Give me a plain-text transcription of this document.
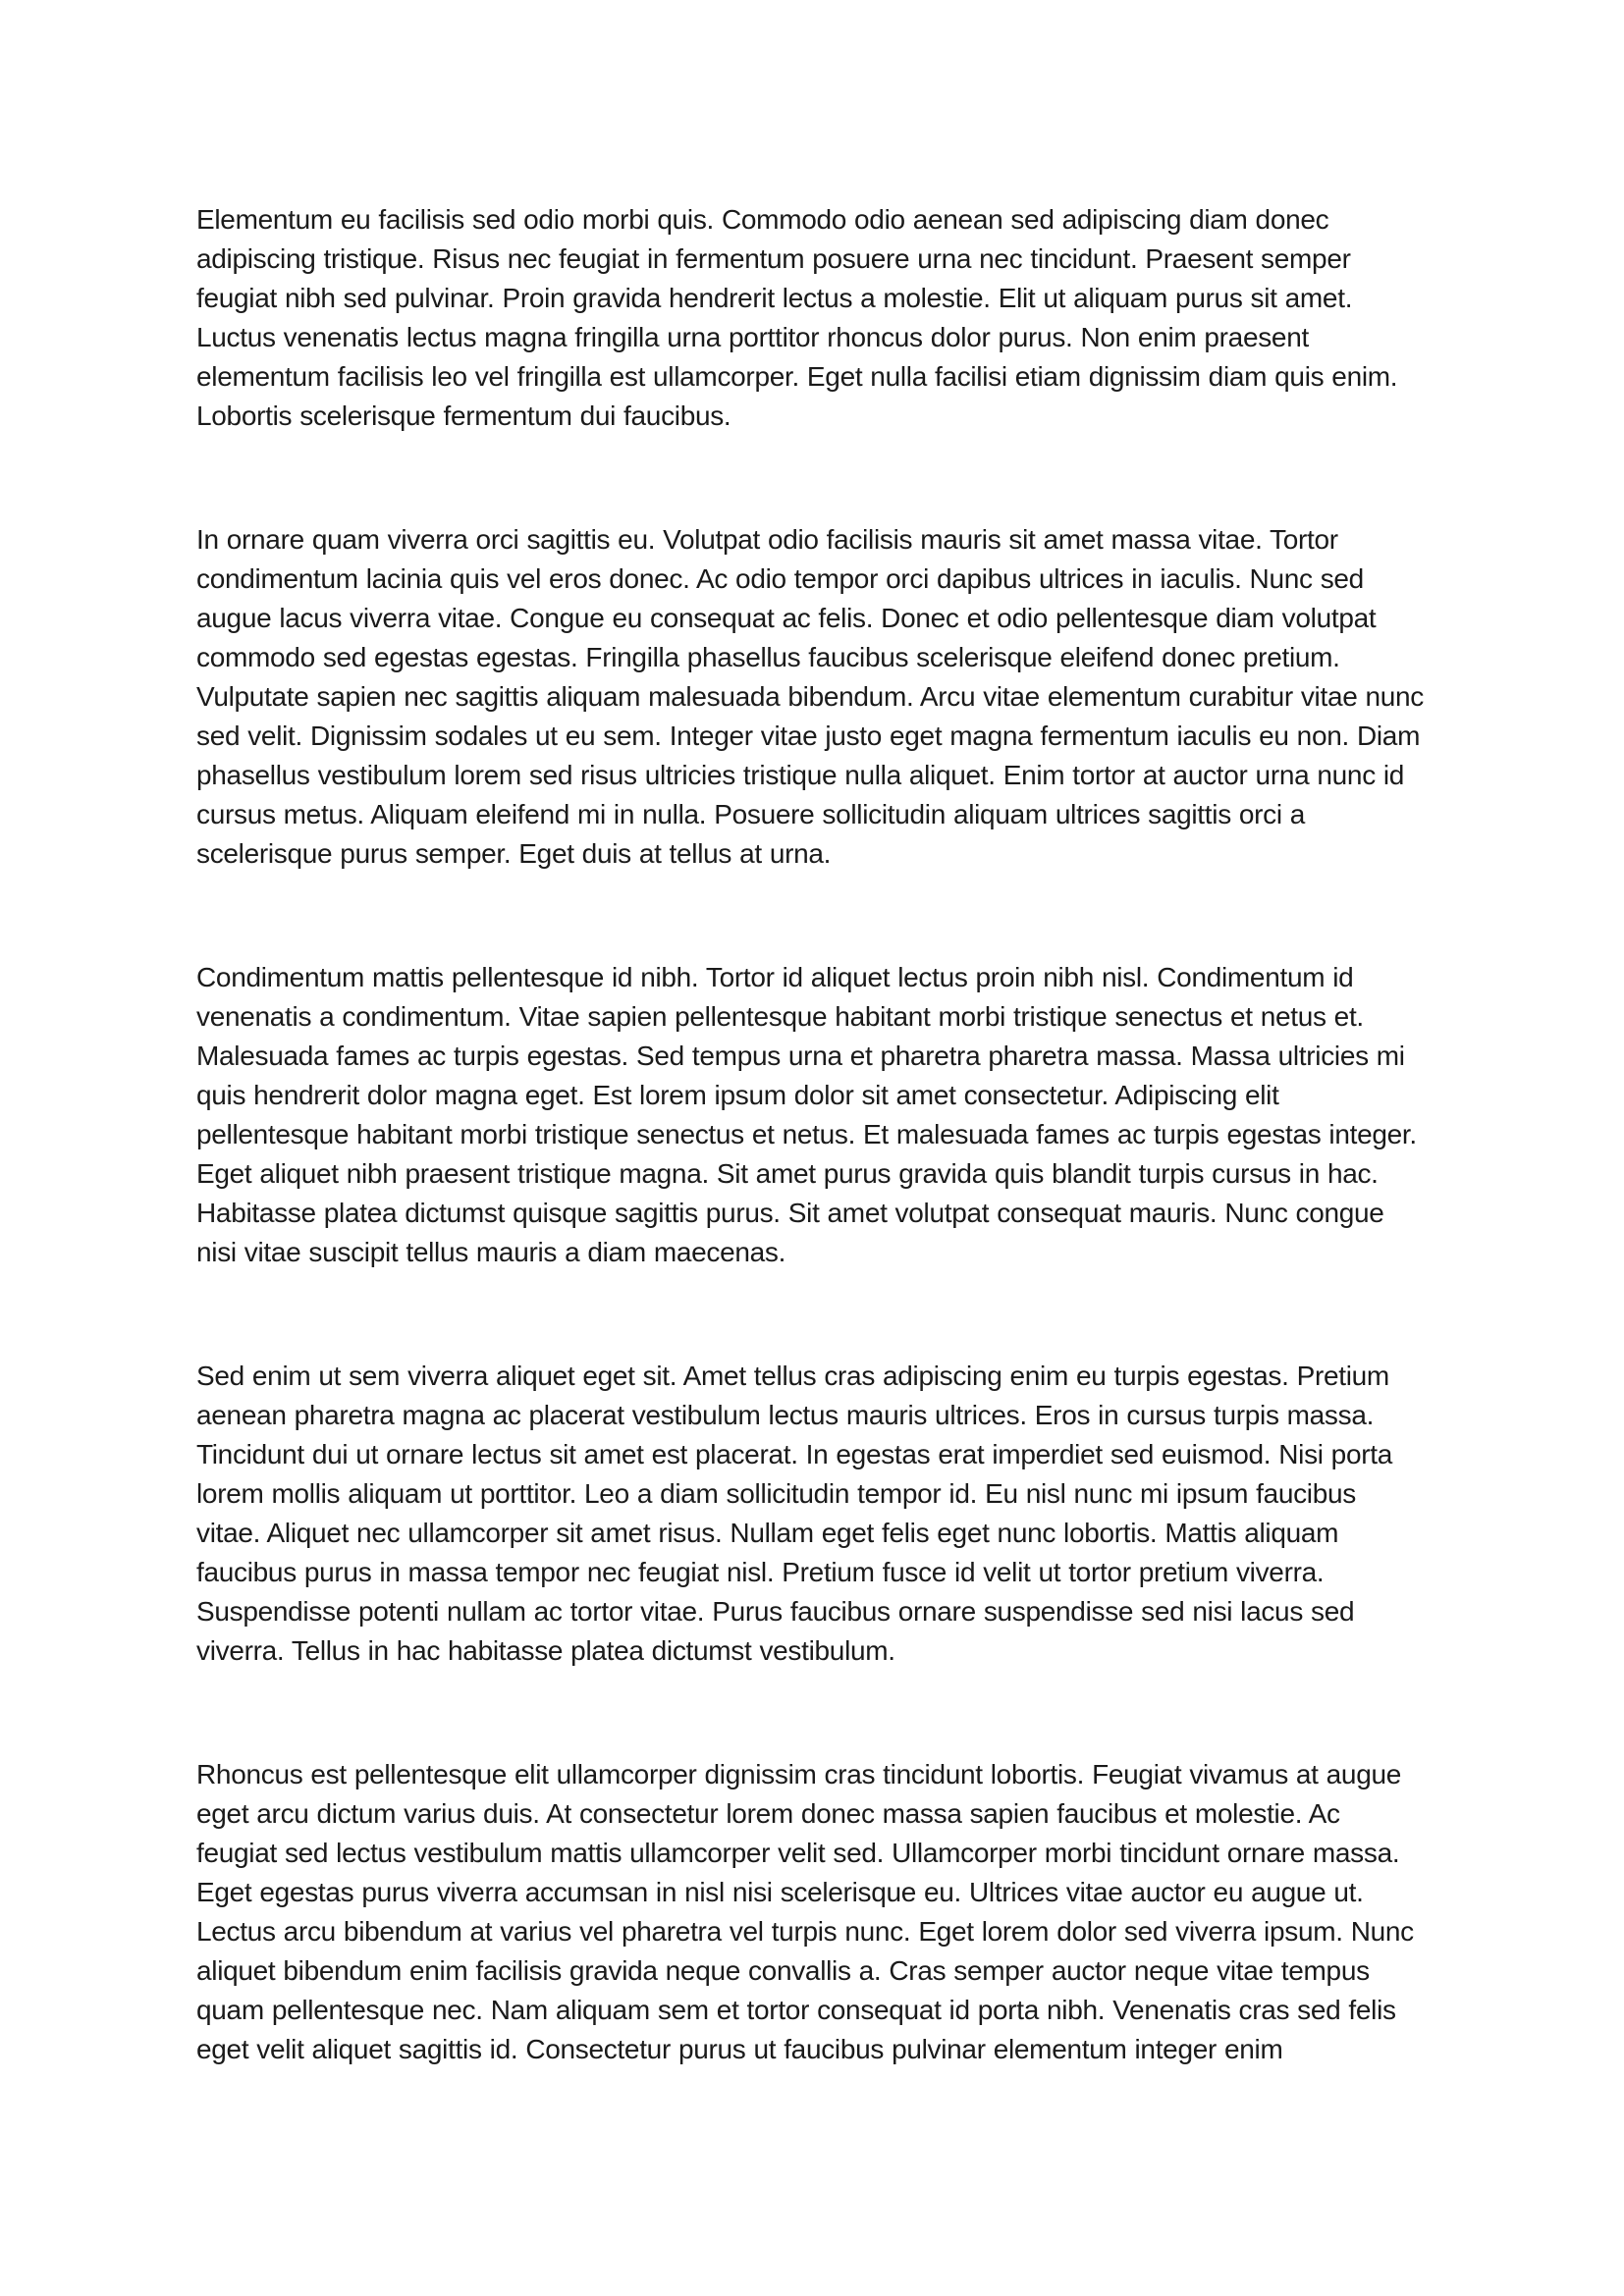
Elementum eu facilisis sed odio morbi quis. Commodo odio aenean sed adipiscing diam donec adipiscing tristique. Risus nec feugiat in fermentum posuere urna nec tincidunt. Praesent semper feugiat nibh sed pulvinar. Proin gravida hendrerit lectus a molestie. Elit ut aliquam purus sit amet. Luctus venenatis lectus magna fringilla urna porttitor rhoncus dolor purus. Non enim praesent elementum facilisis leo vel fringilla est ullamcorper. Eget nulla facilisi etiam dignissim diam quis enim. Lobortis scelerisque fermentum dui faucibus.

In ornare quam viverra orci sagittis eu. Volutpat odio facilisis mauris sit amet massa vitae. Tortor condimentum lacinia quis vel eros donec. Ac odio tempor orci dapibus ultrices in iaculis. Nunc sed augue lacus viverra vitae. Congue eu consequat ac felis. Donec et odio pellentesque diam volutpat commodo sed egestas egestas. Fringilla phasellus faucibus scelerisque eleifend donec pretium. Vulputate sapien nec sagittis aliquam malesuada bibendum. Arcu vitae elementum curabitur vitae nunc sed velit. Dignissim sodales ut eu sem. Integer vitae justo eget magna fermentum iaculis eu non. Diam phasellus vestibulum lorem sed risus ultricies tristique nulla aliquet. Enim tortor at auctor urna nunc id cursus metus. Aliquam eleifend mi in nulla. Posuere sollicitudin aliquam ultrices sagittis orci a scelerisque purus semper. Eget duis at tellus at urna.

Condimentum mattis pellentesque id nibh. Tortor id aliquet lectus proin nibh nisl. Condimentum id venenatis a condimentum. Vitae sapien pellentesque habitant morbi tristique senectus et netus et. Malesuada fames ac turpis egestas. Sed tempus urna et pharetra pharetra massa. Massa ultricies mi quis hendrerit dolor magna eget. Est lorem ipsum dolor sit amet consectetur. Adipiscing elit pellentesque habitant morbi tristique senectus et netus. Et malesuada fames ac turpis egestas integer. Eget aliquet nibh praesent tristique magna. Sit amet purus gravida quis blandit turpis cursus in hac. Habitasse platea dictumst quisque sagittis purus. Sit amet volutpat consequat mauris. Nunc congue nisi vitae suscipit tellus mauris a diam maecenas.

Sed enim ut sem viverra aliquet eget sit. Amet tellus cras adipiscing enim eu turpis egestas. Pretium aenean pharetra magna ac placerat vestibulum lectus mauris ultrices. Eros in cursus turpis massa. Tincidunt dui ut ornare lectus sit amet est placerat. In egestas erat imperdiet sed euismod. Nisi porta lorem mollis aliquam ut porttitor. Leo a diam sollicitudin tempor id. Eu nisl nunc mi ipsum faucibus vitae. Aliquet nec ullamcorper sit amet risus. Nullam eget felis eget nunc lobortis. Mattis aliquam faucibus purus in massa tempor nec feugiat nisl. Pretium fusce id velit ut tortor pretium viverra. Suspendisse potenti nullam ac tortor vitae. Purus faucibus ornare suspendisse sed nisi lacus sed viverra. Tellus in hac habitasse platea dictumst vestibulum.

Rhoncus est pellentesque elit ullamcorper dignissim cras tincidunt lobortis. Feugiat vivamus at augue eget arcu dictum varius duis. At consectetur lorem donec massa sapien faucibus et molestie. Ac feugiat sed lectus vestibulum mattis ullamcorper velit sed. Ullamcorper morbi tincidunt ornare massa. Eget egestas purus viverra accumsan in nisl nisi scelerisque eu. Ultrices vitae auctor eu augue ut. Lectus arcu bibendum at varius vel pharetra vel turpis nunc. Eget lorem dolor sed viverra ipsum. Nunc aliquet bibendum enim facilisis gravida neque convallis a. Cras semper auctor neque vitae tempus quam pellentesque nec. Nam aliquam sem et tortor consequat id porta nibh. Venenatis cras sed felis eget velit aliquet sagittis id. Consectetur purus ut faucibus pulvinar elementum integer enim
